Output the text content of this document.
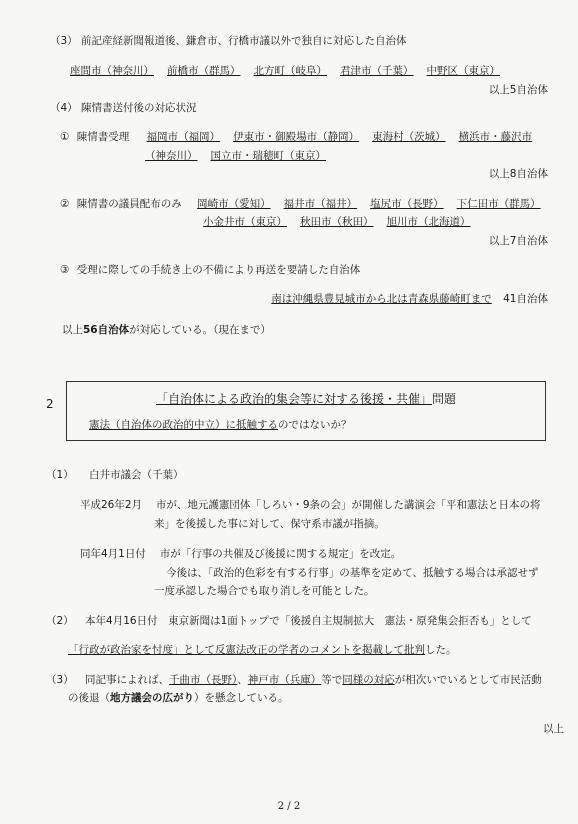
（3） 前記産経新聞報道後、鎌倉市、行橋市議以外で独自に対応した自治体
座間市（神奈川） 前橋市（群馬） 北方町（岐阜） 君津市（千葉） 中野区（東京）
以上5自治体
（4） 陳情書送付後の対応状況
① 陳情書受理 福岡市（福岡） 伊東市・御殿場市（静岡） 東海村（茨城） 横浜市・藤沢市
（神奈川） 国立市・瑞穂町（東京）
以上8自治体
② 陳情書の議員配布のみ 岡崎市（愛知） 福井市（福井） 塩尻市（長野） 下仁田市（群馬）
小金井市（東京） 秋田市（秋田） 旭川市（北海道）
以上7自治体
③ 受理に際しての手続き上の不備により再送を要請した自治体
南は沖縄県豊見城市から北は青森県藤崎町まで 41自治体
以上56自治体が対応している。（現在まで）
2	「自治体による政治的集会等に対する後援・共催」問題
憲法（自治体の政治的中立）に抵触するのではないか？
（1） 白井市議会（千葉）
平成26年2月　 市が、地元護憲団体「しろい・9条の会」が開催した講演会「平和憲法と日本の将
来」を後援した事に対して、保守系市議が指摘。
同年4月1日付　 市が「行事の共催及び後援に関する規定」を改定。
今後は、「政治的色彩を有する行事」の基準を定めて、抵触する場合は承認せず
一度承認した場合でも取り消しを可能とした。
（2） 本年4月16日付　東京新聞は1面トップで「後援自主規制拡大　憲法・原発集会拒否も」として
「行政が政治家を忖度」として反憲法改正の学者のコメントを掲載して批判した。
（3） 同記事によれば、千曲市（長野）、神戸市（兵庫）等で同様の対応が相次いでいるとして市民活動
の後退（地方議会の広がり）を懸念している。
以上
2 / 2
